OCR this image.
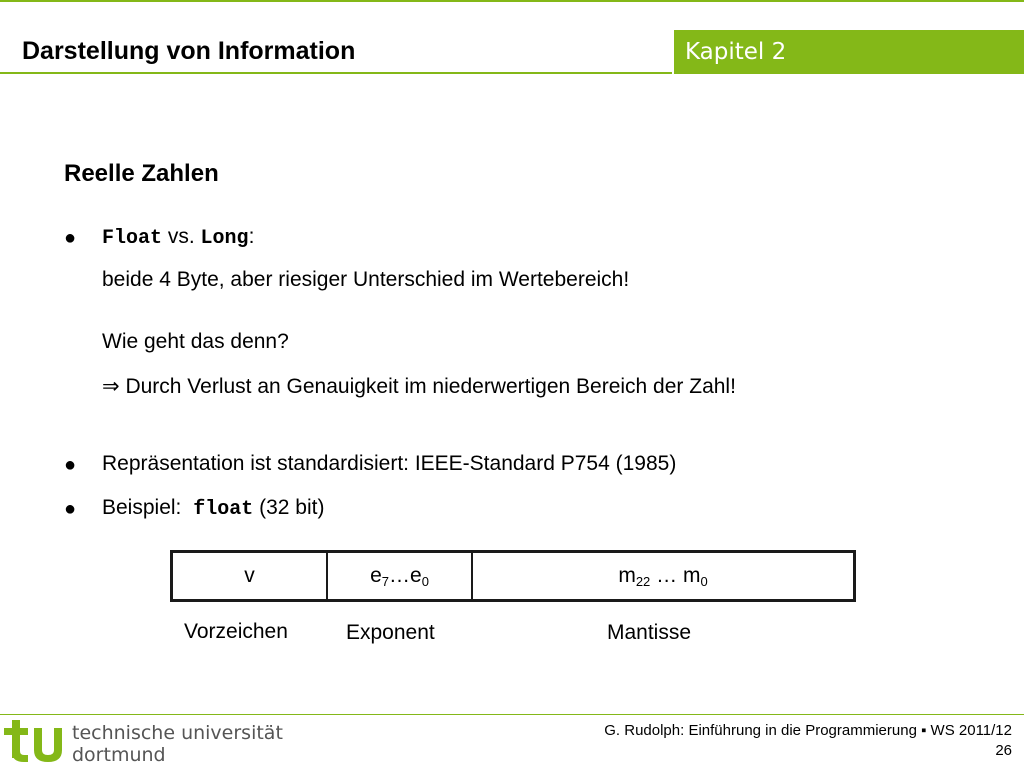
Darstellung von Information	Kapitel 2
Reelle Zahlen
● Float vs. Long:
beide 4 Byte, aber riesiger Unterschied im Wertebereich!
Wie geht das denn?
⇒ Durch Verlust an Genauigkeit im niederwertigen Bereich der Zahl!
● Repräsentation ist standardisiert: IEEE-Standard P754 (1985)
● Beispiel: float (32 bit)
v	$e_7\dots e_0$	$m_{22}$ … $m_0$
Vorzeichen	Exponent	Mantisse
technische universität
dortmund
G. Rudolph: Einführung in die Programmierung ▪ WS 2011/12
26
